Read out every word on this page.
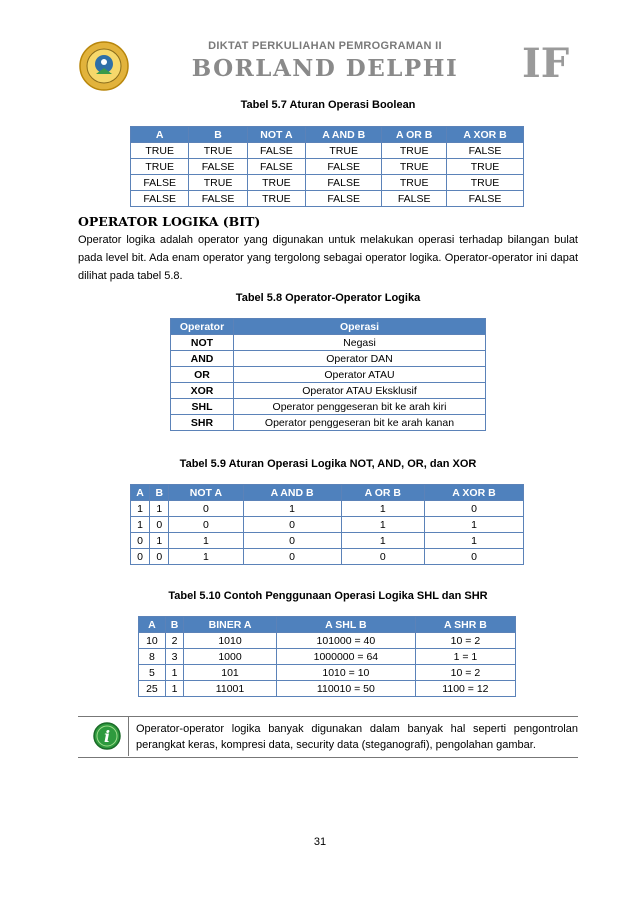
DIKTAT PERKULIAHAN PEMROGRAMAN II
BORLAND DELPHI	IF
Tabel 5.7 Aturan Operasi Boolean
A	B	NOT A	A AND B	A OR B	A XOR B
TRUE	TRUE	FALSE	TRUE	TRUE	FALSE
TRUE	FALSE	FALSE	FALSE	TRUE	TRUE
FALSE	TRUE	TRUE	FALSE	TRUE	TRUE
FALSE	FALSE	TRUE	FALSE	FALSE	FALSE
OPERATOR LOGIKA (BIT)
Operator logika adalah operator yang digunakan untuk melakukan operasi terhadap bilangan bulat pada level bit. Ada enam operator yang tergolong sebagai operator logika. Operator-operator ini dapat dilihat pada tabel 5.8.
Tabel 5.8 Operator-Operator Logika
Operator	Operasi
NOT	Negasi
AND	Operator DAN
OR	Operator ATAU
XOR	Operator ATAU Eksklusif
SHL	Operator penggeseran bit ke arah kiri
SHR	Operator penggeseran bit ke arah kanan
Tabel 5.9 Aturan Operasi Logika NOT, AND, OR, dan XOR
A	B	NOT A	A AND B	A OR B	A XOR B
1	1	0	1	1	0
1	0	0	0	1	1
0	1	1	0	1	1
0	0	1	0	0	0
Tabel 5.10 Contoh Penggunaan Operasi Logika SHL dan SHR
A	B	BINER A	A SHL B	A SHR B
10	2	1010	101000 = 40	10 = 2
8	3	1000	1000000 = 64	1 = 1
5	1	101	1010 = 10	10 = 2
25	1	11001	110010 = 50	1100 = 12
i Operator-operator logika banyak digunakan dalam banyak hal seperti pengontrolan perangkat keras, kompresi data, security data (steganografi), pengolahan gambar.
31
